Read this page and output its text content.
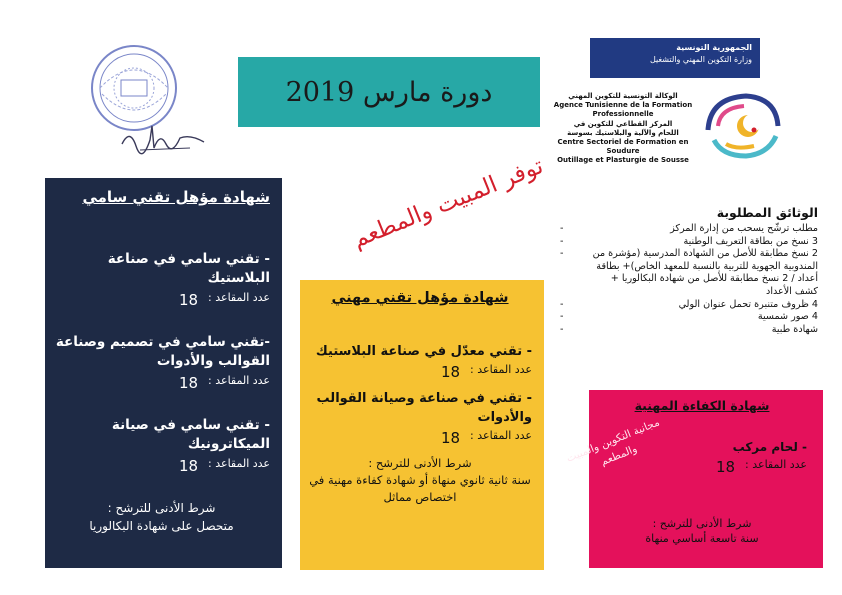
دورة مارس 2019
الجمهورية التونسية
وزارة التكوين المهني والتشغيل
الوكالة التونسية للتكوين المهني
Agence Tunisienne de la Formation
Professionnelle
المركز القطاعي للتكوين في
اللحام والآلية والبلاستيك بسوسة
Centre Sectoriel de Formation en Soudure
Outillage et Plasturgie de Sousse
توفر المبيت والمطعم	الوثائق المطلوبة
- مطلب ترشّح يسحب من إدارة المركز
- 3 نسخ من بطاقة التعريف الوطنية
- 2 نسخ مطابقة للأصل من الشهادة المدرسية (مؤشرة من المندوبية الجهوية للتربية بالنسبة للمعهد الخاص)+ بطاقة أعداد / 2 نسخ مطابقة للأصل من شهادة البكالوريا + كشف الأعداد
- 4 ظروف متنبرة تحمل عنوان الولي
- 4 صور شمسية
- شهادة طبية
شهادة مؤهل تقني سامي
- تقني سامي في صناعة البلاستيك
عدد المقاعد :
18
-تقني سامي في تصميم وصناعة القوالب والأدوات
عدد المقاعد :
18
- تقني سامي في صيانة الميكاترونيك
عدد المقاعد :
18
شرط الأدنى للترشح :
متحصل على شهادة البكالوريا
شهادة مؤهل تقني مهني
- تقني معدّل في صناعة البلاستيك
عدد المقاعد :
18
- تقني في صناعة وصيانة القوالب والأدوات
عدد المقاعد :
18
شرط الأدنى للترشح :
سنة ثانية ثانوي منهاة أو شهادة كفاءة مهنية في اختصاص مماثل
شهادة الكفاءة المهنية
- لحام مركب
عدد المقاعد :
18
شرط الأدنى للترشح :
سنة تاسعة أساسي منهاة
مجانية التكوين والمبيت والمطعم
